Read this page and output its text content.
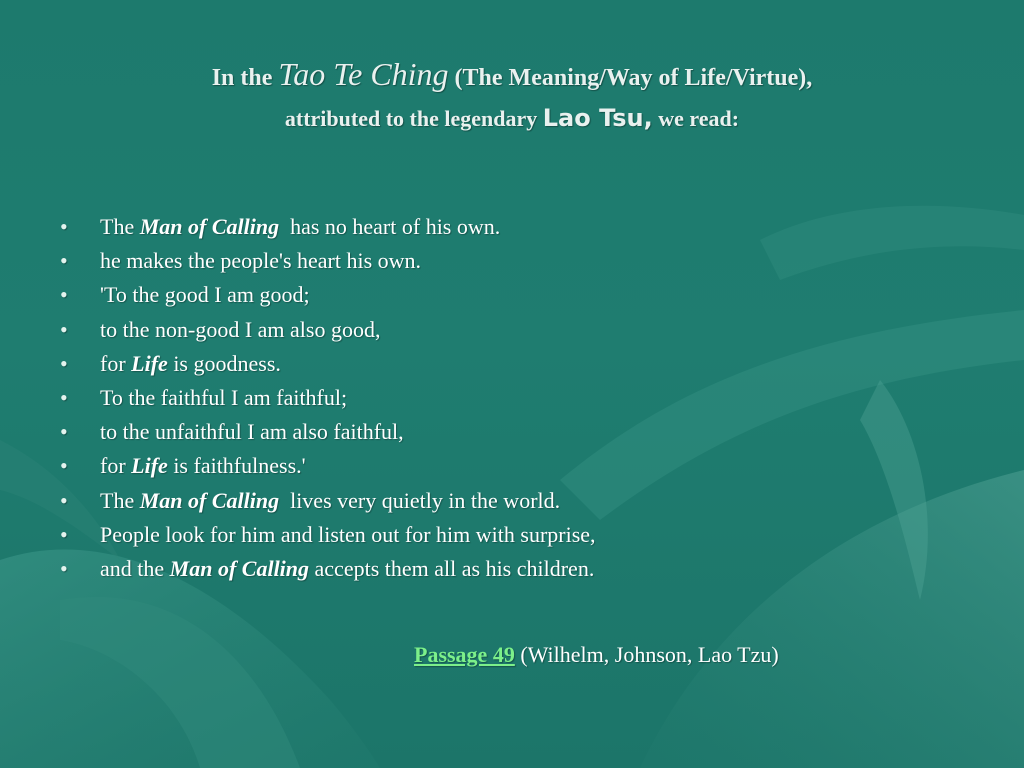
In the Tao Te Ching (The Meaning/Way of Life/Virtue),
attributed to the legendary Lao Tsu, we read:
• The Man of Calling  has no heart of his own.
• he makes the people's heart his own.
• 'To the good I am good;
• to the non-good I am also good,
• for Life is goodness.
• To the faithful I am faithful;
• to the unfaithful I am also faithful,
• for Life is faithfulness.'
• The Man of Calling  lives very quietly in the world.
• People look for him and listen out for him with surprise,
• and the Man of Calling accepts them all as his children.
Passage 49 (Wilhelm, Johnson, Lao Tzu)
